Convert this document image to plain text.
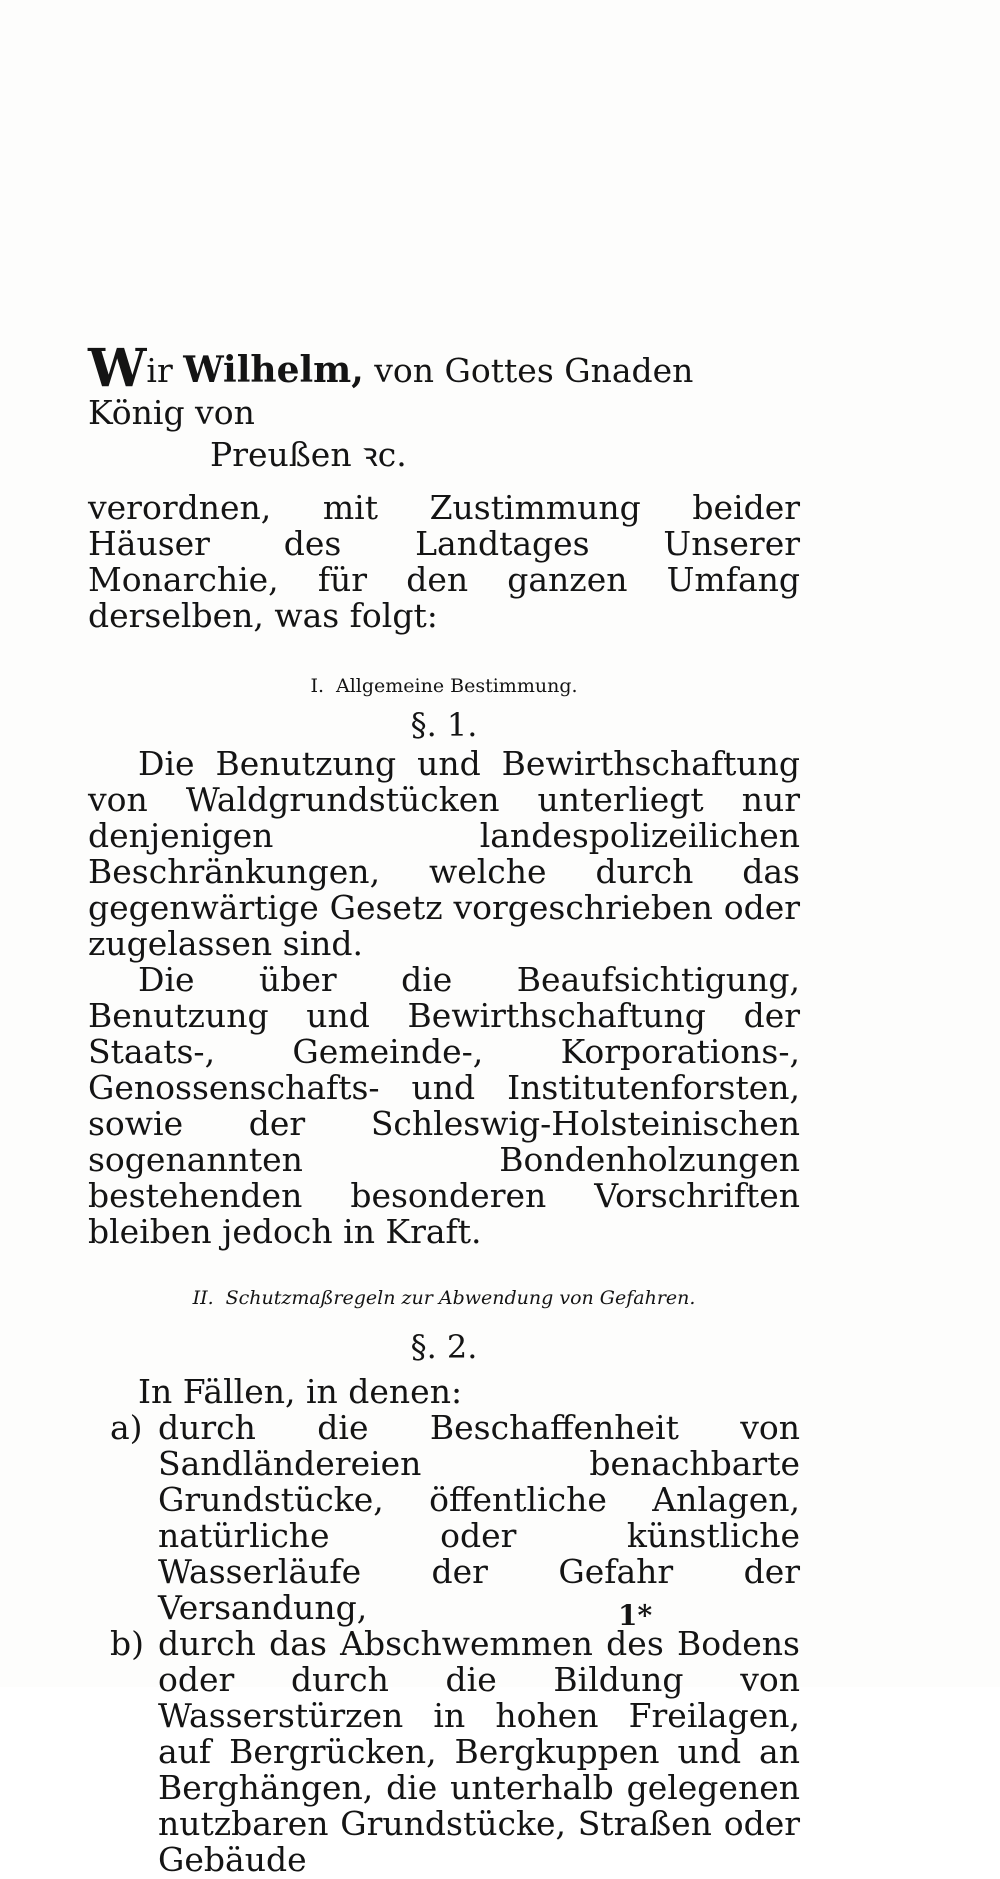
Wir Wilhelm, von Gottes Gnaden König von
Preußen ꝛc.

verordnen, mit Zustimmung beider Häuser des Landtages Unserer Monarchie, für den ganzen Umfang derselben, was folgt:

I. Allgemeine Bestimmung.

§. 1.

Die Benutzung und Bewirthschaftung von Waldgrundstücken unterliegt nur denjenigen landespolizeilichen Beschränkungen, welche durch das gegenwärtige Gesetz vorgeschrieben oder zugelassen sind.

Die über die Beaufsichtigung, Benutzung und Bewirthschaftung der Staats-, Gemeinde-, Korporations-, Genossenschafts- und Institutenforsten, sowie der Schleswig-Holsteinischen sogenannten Bondenholzungen bestehenden besonderen Vorschriften bleiben jedoch in Kraft.

II. Schutzmaßregeln zur Abwendung von Gefahren.

§. 2.

In Fällen, in denen:

a) durch die Beschaffenheit von Sandländereien benachbarte Grundstücke, öffentliche Anlagen, natürliche oder künstliche Wasserläufe der Gefahr der Versandung,
b) durch das Abschwemmen des Bodens oder durch die Bildung von Wasserstürzen in hohen Freilagen, auf Bergrücken, Bergkuppen und an Berghängen, die unterhalb gelegenen nutzbaren Grundstücke, Straßen oder Gebäude
1*
